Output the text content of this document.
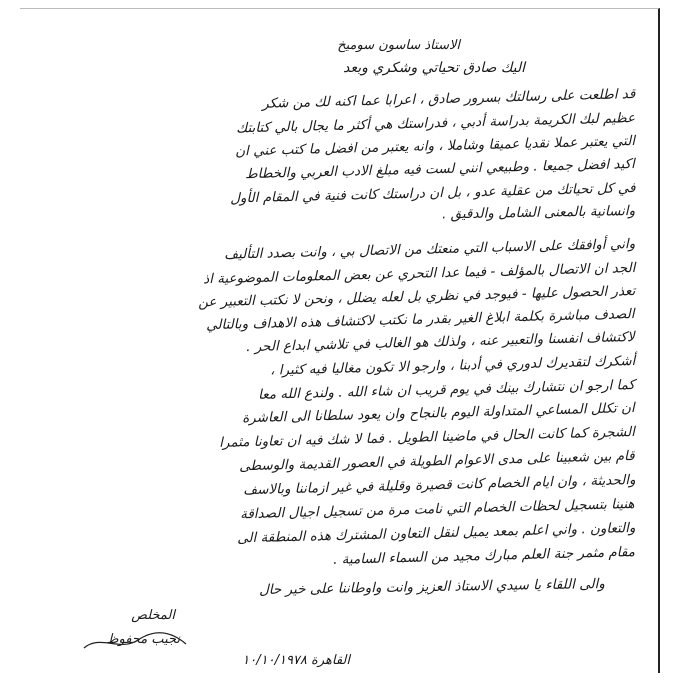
الاستاذ ساسون سوميخ
اليك صادق تحياتي وشكري وبعد
قد اطلعت على رسالتك بسرور صادق ، اعرابا عما اكنه لك من شكر
عظيم لبك الكريمة بدراسة أدبي ، فدراستك هي أكثر ما يجال بالي كتابتك
التي يعتبر عملا نقديا عميقا وشاملا ، وانه يعتبر من افضل ما كتب عني ان
اكيد افضل جميعا . وطبيعي انني لست فيه مبلغ الادب العربي والخطاط
في كل تحياتك من عقلية عدو ، بل ان دراستك كانت فنية في المقام الأول
وانسانية بالمعنى الشامل والدقيق .
واني أوافقك على الاسباب التي منعتك من الاتصال بي ، وانت بصدد التأليف
الجد ان الاتصال بالمؤلف - فيما عدا التحري عن بعض المعلومات الموضوعية اذ
تعذر الحصول عليها - فيوجد في نظري بل لعله يضلل ، ونحن لا نكتب التعبير عن
الصدف مباشرة بكلمة ابلاغ الغير بقدر ما نكتب لاكتشاف هذه الاهداف وبالتالي
لاكتشاف انفسنا والتعبير عنه ، ولذلك هو الغالب في تلاشي ابداع الحر .
أشكرك لتقديرك لدوري في أدبنا ، وارجو الا تكون مغاليا فيه كثيرا ،
كما ارجو ان نتشارك بينك في يوم قريب ان شاء الله . ولندع الله معا
ان تكلل المساعي المتداولة اليوم بالنجاح وان يعود سلطانا الى العاشرة
الشجرة كما كانت الحال في ماضينا الطويل . فما لا شك فيه ان تعاونا مثمرا
قام بين شعبينا على مدى الاعوام الطويلة في العصور القديمة والوسطى
والحديثة ، وان ايام الخصام كانت قصيرة وقليلة في غير ازماننا وبالاسف
هنينا بتسجيل لحظات الخصام التي نامت مرة من تسجيل اجيال الصداقة
والتعاون . واني اعلم بمعد يميل لنقل التعاون المشترك هذه المنطقة الى
مقام مثمر جنة العلم مبارك مجيد من السماء السامية .
والى اللقاء يا سيدي الاستاذ العزيز وانت واوطاننا على خير حال
المخلص
نجيب محفوظ
القاهرة ١٠/١٠/١٩٧٨
